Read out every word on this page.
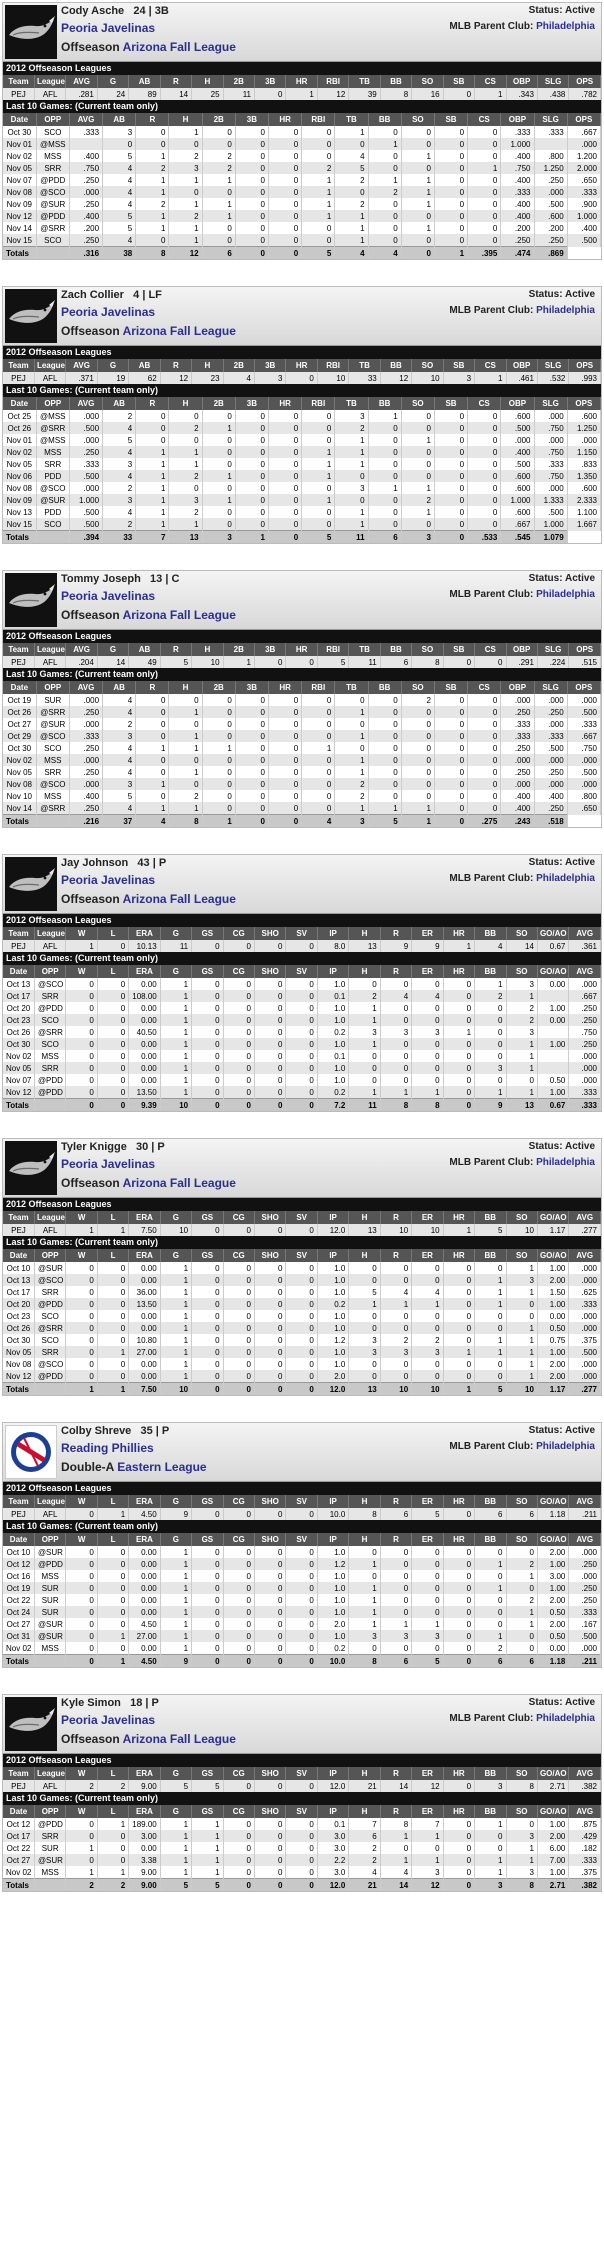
Cody Asche 24 | 3B
Peoria Javelinas
Offseason Arizona Fall League
Status: Active
MLB Parent Club: Philadelphia
2012 Offseason Leagues
Team	League	AVG	G	AB	R	H	2B	3B	HR	RBI	TB	BB	SO	SB	CS	OBP	SLG	OPS
PEJ	AFL	.281	24	89	14	25	11	0	1	12	39	8	16	0	1	.343	.438	.782
Last 10 Games: (Current team only)
Date	OPP	AVG	AB	R	H	2B	3B	HR	RBI	TB	BB	SO	SB	CS	OBP	SLG	OPS
Oct 30	SCO	.333	3	0	1	0	0	0	0	1	0	0	0	0	.333	.333	.667
Nov 01	@MSS		0	0	0	0	0	0	0	0	1	0	0	0	1.000		.000
Nov 02	MSS	.400	5	1	2	2	0	0	0	4	0	1	0	0	.400	.800	1.200
Nov 05	SRR	.750	4	2	3	2	0	0	2	5	0	0	0	1	.750	1.250	2.000
Nov 07	@PDD	.250	4	1	1	1	0	0	1	2	1	1	0	0	.400	.250	.650
Nov 08	@SCO	.000	4	1	0	0	0	0	1	0	2	1	0	0	.333	.000	.333
Nov 09	@SUR	.250	4	2	1	1	0	0	1	2	0	1	0	0	.400	.500	.900
Nov 12	@PDD	.400	5	1	2	1	0	0	1	1	0	0	0	0	.400	.600	1.000
Nov 14	@SRR	.200	5	1	1	0	0	0	0	1	0	1	0	0	.200	.200	.400
Nov 15	SCO	.250	4	0	1	0	0	0	0	1	0	0	0	0	.250	.250	.500
Totals		.316	38	8	12	6	0	0	5	4	4	0	1	.395	.474	.869	
Zach Collier 4 | LF
Peoria Javelinas
Offseason Arizona Fall League
Status: Active
MLB Parent Club: Philadelphia
2012 Offseason Leagues
Team	League	AVG	G	AB	R	H	2B	3B	HR	RBI	TB	BB	SO	SB	CS	OBP	SLG	OPS
PEJ	AFL	.371	19	62	12	23	4	3	0	10	33	12	10	3	1	.461	.532	.993
Last 10 Games: (Current team only)
Date	OPP	AVG	AB	R	H	2B	3B	HR	RBI	TB	BB	SO	SB	CS	OBP	SLG	OPS
Oct 25	@MSS	.000	2	0	0	0	0	0	0	3	1	0	0	0	.600	.000	.600
Oct 26	@SRR	.500	4	0	2	1	0	0	0	2	0	0	0	0	.500	.750	1.250
Nov 01	@MSS	.000	5	0	0	0	0	0	0	1	0	1	0	0	.000	.000	.000
Nov 02	MSS	.250	4	1	1	0	0	0	1	1	0	0	0	0	.400	.750	1.150
Nov 05	SRR	.333	3	1	1	0	0	0	1	1	0	0	0	0	.500	.333	.833
Nov 06	PDD	.500	4	1	2	1	0	0	1	0	0	0	0	0	.600	.750	1.350
Nov 08	@SCO	.000	2	1	0	0	0	0	0	3	1	1	0	0	.600	.000	.600
Nov 09	@SUR	1.000	3	1	3	1	0	0	1	0	0	2	0	0	1.000	1.333	2.333
Nov 13	PDD	.500	4	1	2	0	0	0	0	1	0	1	0	0	.600	.500	1.100
Nov 15	SCO	.500	2	1	1	0	0	0	0	1	0	0	0	0	.667	1.000	1.667
Totals		.394	33	7	13	3	1	0	5	11	6	3	0	.533	.545	1.079	
Tommy Joseph 13 | C
Peoria Javelinas
Offseason Arizona Fall League
Status: Active
MLB Parent Club: Philadelphia
2012 Offseason Leagues
Team	League	AVG	G	AB	R	H	2B	3B	HR	RBI	TB	BB	SO	SB	CS	OBP	SLG	OPS
PEJ	AFL	.204	14	49	5	10	1	0	0	5	11	6	8	0	0	.291	.224	.515
Last 10 Games: (Current team only)
Date	OPP	AVG	AB	R	H	2B	3B	HR	RBI	TB	BB	SO	SB	CS	OBP	SLG	OPS
Oct 19	SUR	.000	4	0	0	0	0	0	0	0	0	2	0	0	.000	.000	.000
Oct 26	@SRR	.250	4	0	1	0	0	0	0	1	0	0	0	0	.250	.250	.500
Oct 27	@SUR	.000	2	0	0	0	0	0	0	0	0	0	0	0	.333	.000	.333
Oct 29	@SCO	.333	3	0	1	0	0	0	0	1	0	0	0	0	.333	.333	.667
Oct 30	SCO	.250	4	1	1	1	0	0	1	0	0	0	0	0	.250	.500	.750
Nov 02	MSS	.000	4	0	0	0	0	0	0	1	0	0	0	0	.000	.000	.000
Nov 05	SRR	.250	4	0	1	0	0	0	0	1	0	0	0	0	.250	.250	.500
Nov 08	@SCO	.000	3	1	0	0	0	0	0	2	0	0	0	0	.000	.000	.000
Nov 10	MSS	.400	5	0	2	0	0	0	0	2	0	0	0	0	.400	.400	.800
Nov 14	@SRR	.250	4	1	1	0	0	0	0	1	1	1	0	0	.400	.250	.650
Totals		.216	37	4	8	1	0	0	4	3	5	1	0	.275	.243	.518	
Jay Johnson 43 | P
Peoria Javelinas
Offseason Arizona Fall League
Status: Active
MLB Parent Club: Philadelphia
2012 Offseason Leagues
Team	League	W	L	ERA	G	GS	CG	SHO	SV	IP	H	R	ER	HR	BB	SO	GO/AO	AVG
PEJ	AFL	1	0	10.13	11	0	0	0	0	8.0	13	9	9	1	4	14	0.67	.361
Last 10 Games: (Current team only)
Date	OPP	W	L	ERA	G	GS	CG	SHO	SV	IP	H	R	ER	HR	BB	SO	GO/AO	AVG
Oct 13	@SCO	0	0	0.00	1	0	0	0	0	1.0	0	0	0	0	1	3	0.00	.000
Oct 17	SRR	0	0	108.00	1	0	0	0	0	0.1	2	4	4	0	2	1		.667
Oct 20	@PDD	0	0	0.00	1	0	0	0	0	1.0	1	0	0	0	0	2	1.00	.250
Oct 23	SCO	0	0	0.00	1	0	0	0	0	1.0	1	0	0	0	0	2	0.00	.250
Oct 26	@SRR	0	0	40.50	1	0	0	0	0	0.2	3	3	3	1	0	3		.750
Oct 30	SCO	0	0	0.00	1	0	0	0	0	1.0	1	0	0	0	0	1	1.00	.250
Nov 02	MSS	0	0	0.00	1	0	0	0	0	0.1	0	0	0	0	0	1		.000
Nov 05	SRR	0	0	0.00	1	0	0	0	0	1.0	0	0	0	0	3	1		.000
Nov 07	@PDD	0	0	0.00	1	0	0	0	0	1.0	0	0	0	0	0	0	0.50	.000
Nov 12	@PDD	0	0	13.50	1	0	0	0	0	0.2	1	1	1	0	1	1	1.00	.333
Totals		0	0	9.39	10	0	0	0	0	7.2	11	8	8	0	9	13	0.67	.333
Tyler Knigge 30 | P
Peoria Javelinas
Offseason Arizona Fall League
Status: Active
MLB Parent Club: Philadelphia
2012 Offseason Leagues
Team	League	W	L	ERA	G	GS	CG	SHO	SV	IP	H	R	ER	HR	BB	SO	GO/AO	AVG
PEJ	AFL	1	1	7.50	10	0	0	0	0	12.0	13	10	10	1	5	10	1.17	.277
Last 10 Games: (Current team only)
Date	OPP	W	L	ERA	G	GS	CG	SHO	SV	IP	H	R	ER	HR	BB	SO	GO/AO	AVG
Oct 10	@SUR	0	0	0.00	1	0	0	0	0	1.0	0	0	0	0	0	1	1.00	.000
Oct 13	@SCO	0	0	0.00	1	0	0	0	0	1.0	0	0	0	0	1	3	2.00	.000
Oct 17	SRR	0	0	36.00	1	0	0	0	0	1.0	5	4	4	0	1	1	1.50	.625
Oct 20	@PDD	0	0	13.50	1	0	0	0	0	0.2	1	1	1	0	1	0	1.00	.333
Oct 23	SCO	0	0	0.00	1	0	0	0	0	1.0	0	0	0	0	0	0	0.00	.000
Oct 26	@SRR	0	0	0.00	1	0	0	0	0	1.0	0	0	0	0	0	1	0.50	.000
Oct 30	SCO	0	0	10.80	1	0	0	0	0	1.2	3	2	2	0	1	1	0.75	.375
Nov 05	SRR	0	1	27.00	1	0	0	0	0	1.0	3	3	3	1	1	1	1.00	.500
Nov 08	@SCO	0	0	0.00	1	0	0	0	0	1.0	0	0	0	0	0	1	2.00	.000
Nov 12	@PDD	0	0	0.00	1	0	0	0	0	2.0	0	0	0	0	0	1	2.00	.000
Totals		1	1	7.50	10	0	0	0	0	12.0	13	10	10	1	5	10	1.17	.277
Colby Shreve 35 | P
Reading Phillies
Double-A Eastern League
Status: Active
MLB Parent Club: Philadelphia
2012 Offseason Leagues
Team	League	W	L	ERA	G	GS	CG	SHO	SV	IP	H	R	ER	HR	BB	SO	GO/AO	AVG
PEJ	AFL	0	1	4.50	9	0	0	0	0	10.0	8	6	5	0	6	6	1.18	.211
Last 10 Games: (Current team only)
Date	OPP	W	L	ERA	G	GS	CG	SHO	SV	IP	H	R	ER	HR	BB	SO	GO/AO	AVG
Oct 10	@SUR	0	0	0.00	1	0	0	0	0	1.0	0	0	0	0	0	0	2.00	.000
Oct 12	@PDD	0	0	0.00	1	0	0	0	0	1.2	1	0	0	0	1	2	1.00	.250
Oct 16	MSS	0	0	0.00	1	0	0	0	0	1.0	0	0	0	0	0	1	3.00	.000
Oct 19	SUR	0	0	0.00	1	0	0	0	0	1.0	1	0	0	0	1	0	1.00	.250
Oct 22	SUR	0	0	0.00	1	0	0	0	0	1.0	1	0	0	0	0	2	2.00	.250
Oct 24	SUR	0	0	0.00	1	0	0	0	0	1.0	1	0	0	0	0	1	0.50	.333
Oct 27	@SUR	0	0	4.50	1	0	0	0	0	2.0	1	1	1	0	0	1	2.00	.167
Oct 31	@SUR	0	1	27.00	1	0	0	0	0	1.0	3	3	3	0	1	0	0.50	.500
Nov 02	MSS	0	0	0.00	1	0	0	0	0	0.2	0	0	0	0	2	0	0.00	.000
Totals		0	1	4.50	9	0	0	0	0	10.0	8	6	5	0	6	6	1.18	.211
Kyle Simon 18 | P
Peoria Javelinas
Offseason Arizona Fall League
Status: Active
MLB Parent Club: Philadelphia
2012 Offseason Leagues
Team	League	W	L	ERA	G	GS	CG	SHO	SV	IP	H	R	ER	HR	BB	SO	GO/AO	AVG
PEJ	AFL	2	2	9.00	5	5	0	0	0	12.0	21	14	12	0	3	8	2.71	.382
Last 10 Games: (Current team only)
Date	OPP	W	L	ERA	G	GS	CG	SHO	SV	IP	H	R	ER	HR	BB	SO	GO/AO	AVG
Oct 12	@PDD	0	1	189.00	1	1	0	0	0	0.1	7	8	7	0	1	0	1.00	.875
Oct 17	SRR	0	0	3.00	1	1	0	0	0	3.0	6	1	1	0	0	3	2.00	.429
Oct 22	SUR	1	0	0.00	1	1	0	0	0	3.0	2	0	0	0	0	1	6.00	.182
Oct 27	@SUR	0	0	3.38	1	1	0	0	0	2.2	2	1	1	0	1	1	7.00	.333
Nov 02	MSS	1	1	9.00	1	1	0	0	0	3.0	4	4	3	0	1	3	1.00	.375
Totals		2	2	9.00	5	5	0	0	0	12.0	21	14	12	0	3	8	2.71	.382
